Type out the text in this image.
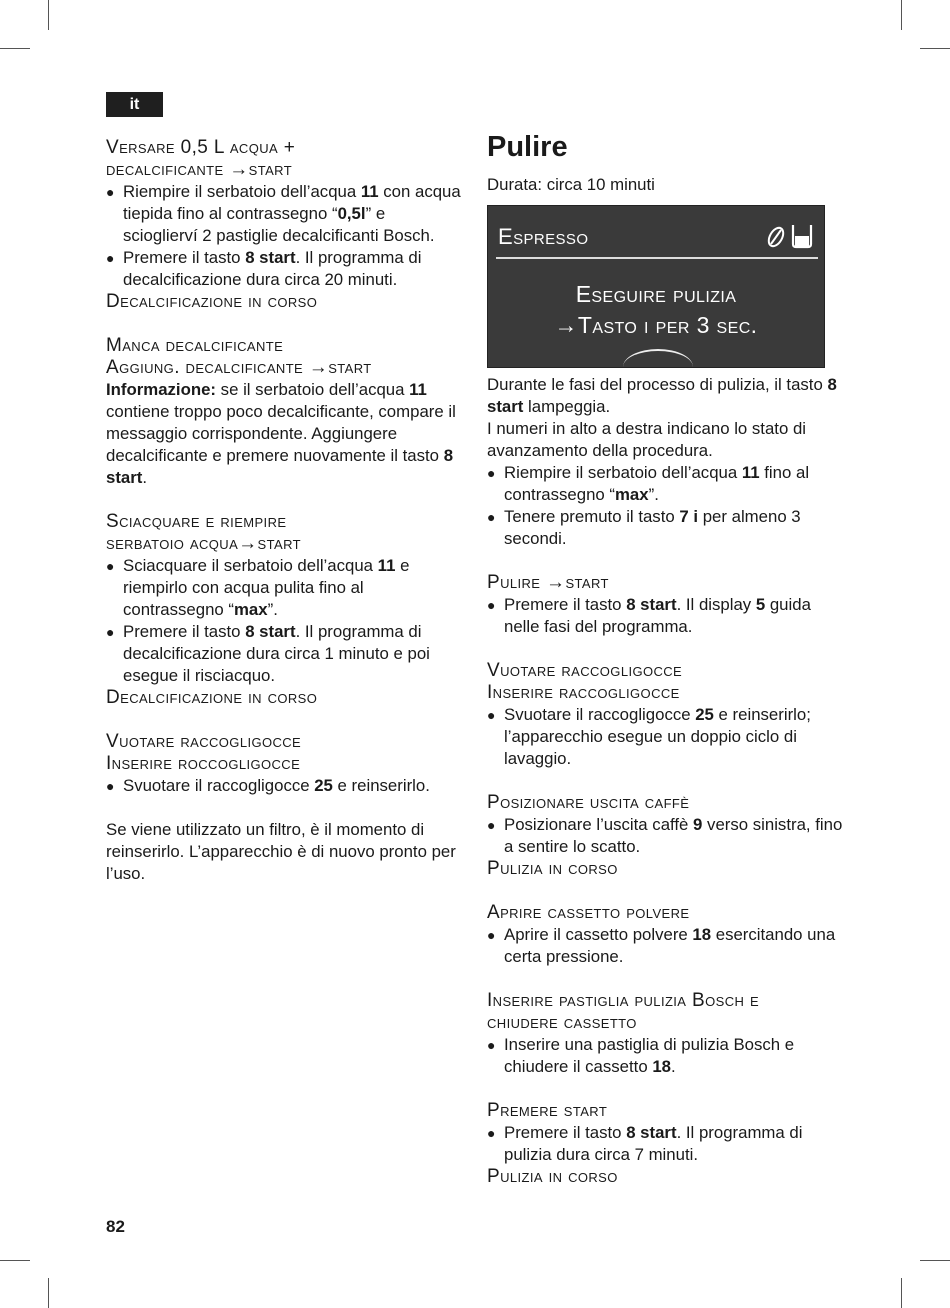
it
Versare 0,5 L acqua +
decalcificante →start
● Riempire il serbatoio dell’acqua 11 con acqua tiepida fino al contrassegno “0,5l” e scioglierví 2 pastiglie decalcificanti Bosch.
● Premere il tasto 8 start. Il programma di decalcificazione dura circa 20 minuti.
Decalcificazione in corso
Manca decalcificante
Aggiung. decalcificante →start

Informazione: se il serbatoio dell’acqua 11 contiene troppo poco decalcificante, compare il messaggio corrispondente. Aggiungere decalcificante e premere nuovamente il tasto 8 start.

Sciacquare e riempire
serbatoio acqua→start
● Sciacquare il serbatoio dell’acqua 11 e riempirlo con acqua pulita fino al contrassegno “max”.
● Premere il tasto 8 start. Il programma di decalcificazione dura circa 1 minuto e poi esegue il risciacquo.
Decalcificazione in corso
Vuotare raccogligocce
Inserire roccogligocce
● Svuotare il raccogligocce 25 e reinserirlo.

Se viene utilizzato un filtro, è il momento di reinserirlo. L’apparecchio è di nuovo pronto per l’uso.

Pulire

Durata: circa 10 minuti

Espresso
Eseguire pulizia
→Tasto i per 3 sec.

Durante le fasi del processo di pulizia, il tasto 8 start lampeggia.

I numeri in alto a destra indicano lo stato di avanzamento della procedura.

● Riempire il serbatoio dell’acqua 11 fino al contrassegno “max”.
● Tenere premuto il tasto 7 i per almeno 3 secondi.
Pulire →start
● Premere il tasto 8 start. Il display 5 guida nelle fasi del programma.
Vuotare raccogligocce
Inserire raccogligocce
● Svuotare il raccogligocce 25 e reinserirlo; l’apparecchio esegue un doppio ciclo di lavaggio.
Posizionare uscita caffè
● Posizionare l’uscita caffè 9 verso sinistra, fino a sentire lo scatto.
Pulizia in corso
Aprire cassetto polvere
● Aprire il cassetto polvere 18 esercitando una certa pressione.
Inserire pastiglia pulizia Bosch e
chiudere cassetto
● Inserire una pastiglia di pulizia Bosch e chiudere il cassetto 18.
Premere start
● Premere il tasto 8 start. Il programma di pulizia dura circa 7 minuti.
Pulizia in corso
82
